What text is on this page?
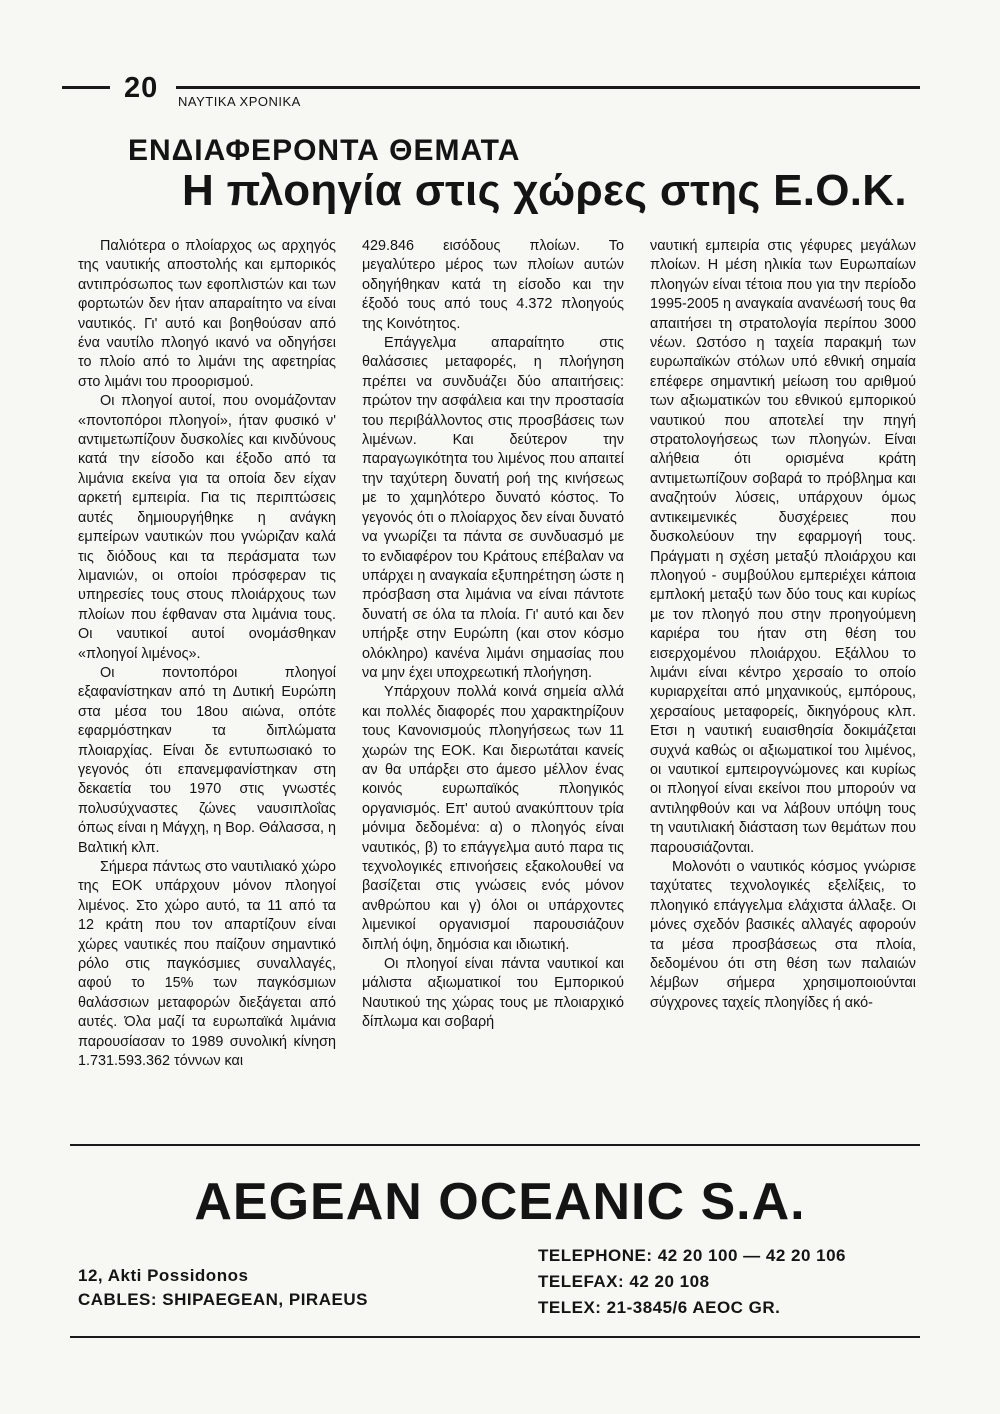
20 ΝΑΥΤΙΚΑ ΧΡΟΝΙΚΑ
ΕΝΔΙΑΦΕΡΟΝΤΑ ΘΕΜΑΤΑ
Η πλοηγία στις χώρες στης Ε.Ο.Κ.

Παλιότερα ο πλοίαρχος ως αρχηγός της ναυτικής αποστολής και εμπορικός αντιπρόσωπος των εφοπλιστών και των φορτωτών δεν ήταν απαραίτητο να είναι ναυτικός. Γι' αυτό και βοηθούσαν από ένα ναυτίλο πλοηγό ικανό να οδηγήσει το πλοίο από το λιμάνι της αφετηρίας στο λιμάνι του προορισμού.

Οι πλοηγοί αυτοί, που ονομάζονταν «ποντοπόροι πλοηγοί», ήταν φυσικό ν' αντιμετωπίζουν δυσκολίες και κινδύνους κατά την είσοδο και έξοδο από τα λιμάνια εκείνα για τα οποία δεν είχαν αρκετή εμπειρία. Για τις περιπτώσεις αυτές δημιουργήθηκε η ανάγκη εμπείρων ναυτικών που γνώριζαν καλά τις διόδους και τα περάσματα των λιμανιών, οι οποίοι πρόσφεραν τις υπηρεσίες τους στους πλοιάρχους των πλοίων που έφθαναν στα λιμάνια τους. Οι ναυτικοί αυτοί ονομάσθηκαν «πλοηγοί λιμένος».

Οι ποντοπόροι πλοηγοί εξαφανίστηκαν από τη Δυτική Ευρώπη στα μέσα του 18ου αιώνα, οπότε εφαρμόστηκαν τα διπλώματα πλοιαρχίας. Είναι δε εντυπωσιακό το γεγονός ότι επανεμφανίστηκαν στη δεκαετία του 1970 στις γνωστές πολυσύχναστες ζώνες ναυσιπλοΐας όπως είναι η Μάγχη, η Βορ. Θάλασσα, η Βαλτική κλπ.

Σήμερα πάντως στο ναυτιλιακό χώρο της ΕΟΚ υπάρχουν μόνον πλοηγοί λιμένος. Στο χώρο αυτό, τα 11 από τα 12 κράτη που τον απαρτίζουν είναι χώρες ναυτικές που παίζουν σημαντικό ρόλο στις παγκόσμιες συναλλαγές, αφού το 15% των παγκόσμιων θαλάσσιων μεταφορών διεξάγεται από αυτές. Όλα μαζί τα ευρωπαϊκά λιμάνια παρουσίασαν το 1989 συνολική κίνηση 1.731.593.362 τόννων και

429.846 εισόδους πλοίων. Το μεγαλύτερο μέρος των πλοίων αυτών οδηγήθηκαν κατά τη είσοδο και την έξοδό τους από τους 4.372 πλοηγούς της Κοινότητος.

Επάγγελμα απαραίτητο στις θαλάσσιες μεταφορές, η πλοήγηση πρέπει να συνδυάζει δύο απαιτήσεις: πρώτον την ασφάλεια και την προστασία του περιβάλλοντος στις προσβάσεις των λιμένων. Και δεύτερον την παραγωγικότητα του λιμένος που απαιτεί την ταχύτερη δυνατή ροή της κινήσεως με το χαμηλότερο δυνατό κόστος. Το γεγονός ότι ο πλοίαρχος δεν είναι δυνατό να γνωρίζει τα πάντα σε συνδυασμό με το ενδιαφέρον του Κράτους επέβαλαν να υπάρχει η αναγκαία εξυπηρέτηση ώστε η πρόσβαση στα λιμάνια να είναι πάντοτε δυνατή σε όλα τα πλοία. Γι' αυτό και δεν υπήρξε στην Ευρώπη (και στον κόσμο ολόκληρο) κανένα λιμάνι σημασίας που να μην έχει υποχρεωτική πλοήγηση.

Υπάρχουν πολλά κοινά σημεία αλλά και πολλές διαφορές που χαρακτηρίζουν τους Κανονισμούς πλοηγήσεως των 11 χωρών της ΕΟΚ. Και διερωτάται κανείς αν θα υπάρξει στο άμεσο μέλλον ένας κοινός ευρωπαϊκός πλοηγικός οργανισμός. Επ' αυτού ανακύπτουν τρία μόνιμα δεδομένα: α) ο πλοηγός είναι ναυτικός, β) το επάγγελμα αυτό παρα τις τεχνολογικές επινοήσεις εξακολουθεί να βασίζεται στις γνώσεις ενός μόνον ανθρώπου και γ) όλοι οι υπάρχοντες λιμενικοί οργανισμοί παρουσιάζουν διπλή όψη, δημόσια και ιδιωτική.

Οι πλοηγοί είναι πάντα ναυτικοί και μάλιστα αξιωματικοί του Εμπορικού Ναυτικού της χώρας τους με πλοιαρχικό δίπλωμα και σοβαρή

ναυτική εμπειρία στις γέφυρες μεγάλων πλοίων. Η μέση ηλικία των Ευρωπαίων πλοηγών είναι τέτοια που για την περίοδο 1995-2005 η αναγκαία ανανέωσή τους θα απαιτήσει τη στρατολογία περίπου 3000 νέων. Ωστόσο η ταχεία παρακμή των ευρωπαϊκών στόλων υπό εθνική σημαία επέφερε σημαντική μείωση του αριθμού των αξιωματικών του εθνικού εμπορικού ναυτικού που αποτελεί την πηγή στρατολογήσεως των πλοηγών. Είναι αλήθεια ότι ορισμένα κράτη αντιμετωπίζουν σοβαρά το πρόβλημα και αναζητούν λύσεις, υπάρχουν όμως αντικειμενικές δυσχέρειες που δυσκολεύουν την εφαρμογή τους. Πράγματι η σχέση μεταξύ πλοιάρχου και πλοηγού - συμβούλου εμπεριέχει κάποια εμπλοκή μεταξύ των δύο τους και κυρίως με τον πλοηγό που στην προηγούμενη καριέρα του ήταν στη θέση του εισερχομένου πλοιάρχου. Εξάλλου το λιμάνι είναι κέντρο χερσαίο το οποίο κυριαρχείται από μηχανικούς, εμπόρους, χερσαίους μεταφορείς, δικηγόρους κλπ. Ετσι η ναυτική ευαισθησία δοκιμάζεται συχνά καθώς οι αξιωματικοί του λιμένος, οι ναυτικοί εμπειρογνώμονες και κυρίως οι πλοηγοί είναι εκείνοι που μπορούν να αντιληφθούν και να λάβουν υπόψη τους τη ναυτιλιακή διάσταση των θεμάτων που παρουσιάζονται.

Μολονότι ο ναυτικός κόσμος γνώρισε ταχύτατες τεχνολογικές εξελίξεις, το πλοηγικό επάγγελμα ελάχιστα άλλαξε. Οι μόνες σχεδόν βασικές αλλαγές αφορούν τα μέσα προσβάσεως στα πλοία, δεδομένου ότι στη θέση των παλαιών λέμβων σήμερα χρησιμοποιούνται σύγχρονες ταχείς πλοηγίδες ή ακό-

AEGEAN OCEANIC S.A.
12, Akti Possidonos
CABLES: SHIPAEGEAN, PIRAEUS
TELEPHONE: 42 20 100 — 42 20 106
TELEFAX: 42 20 108
TELEX: 21-3845/6 AEOC GR.
